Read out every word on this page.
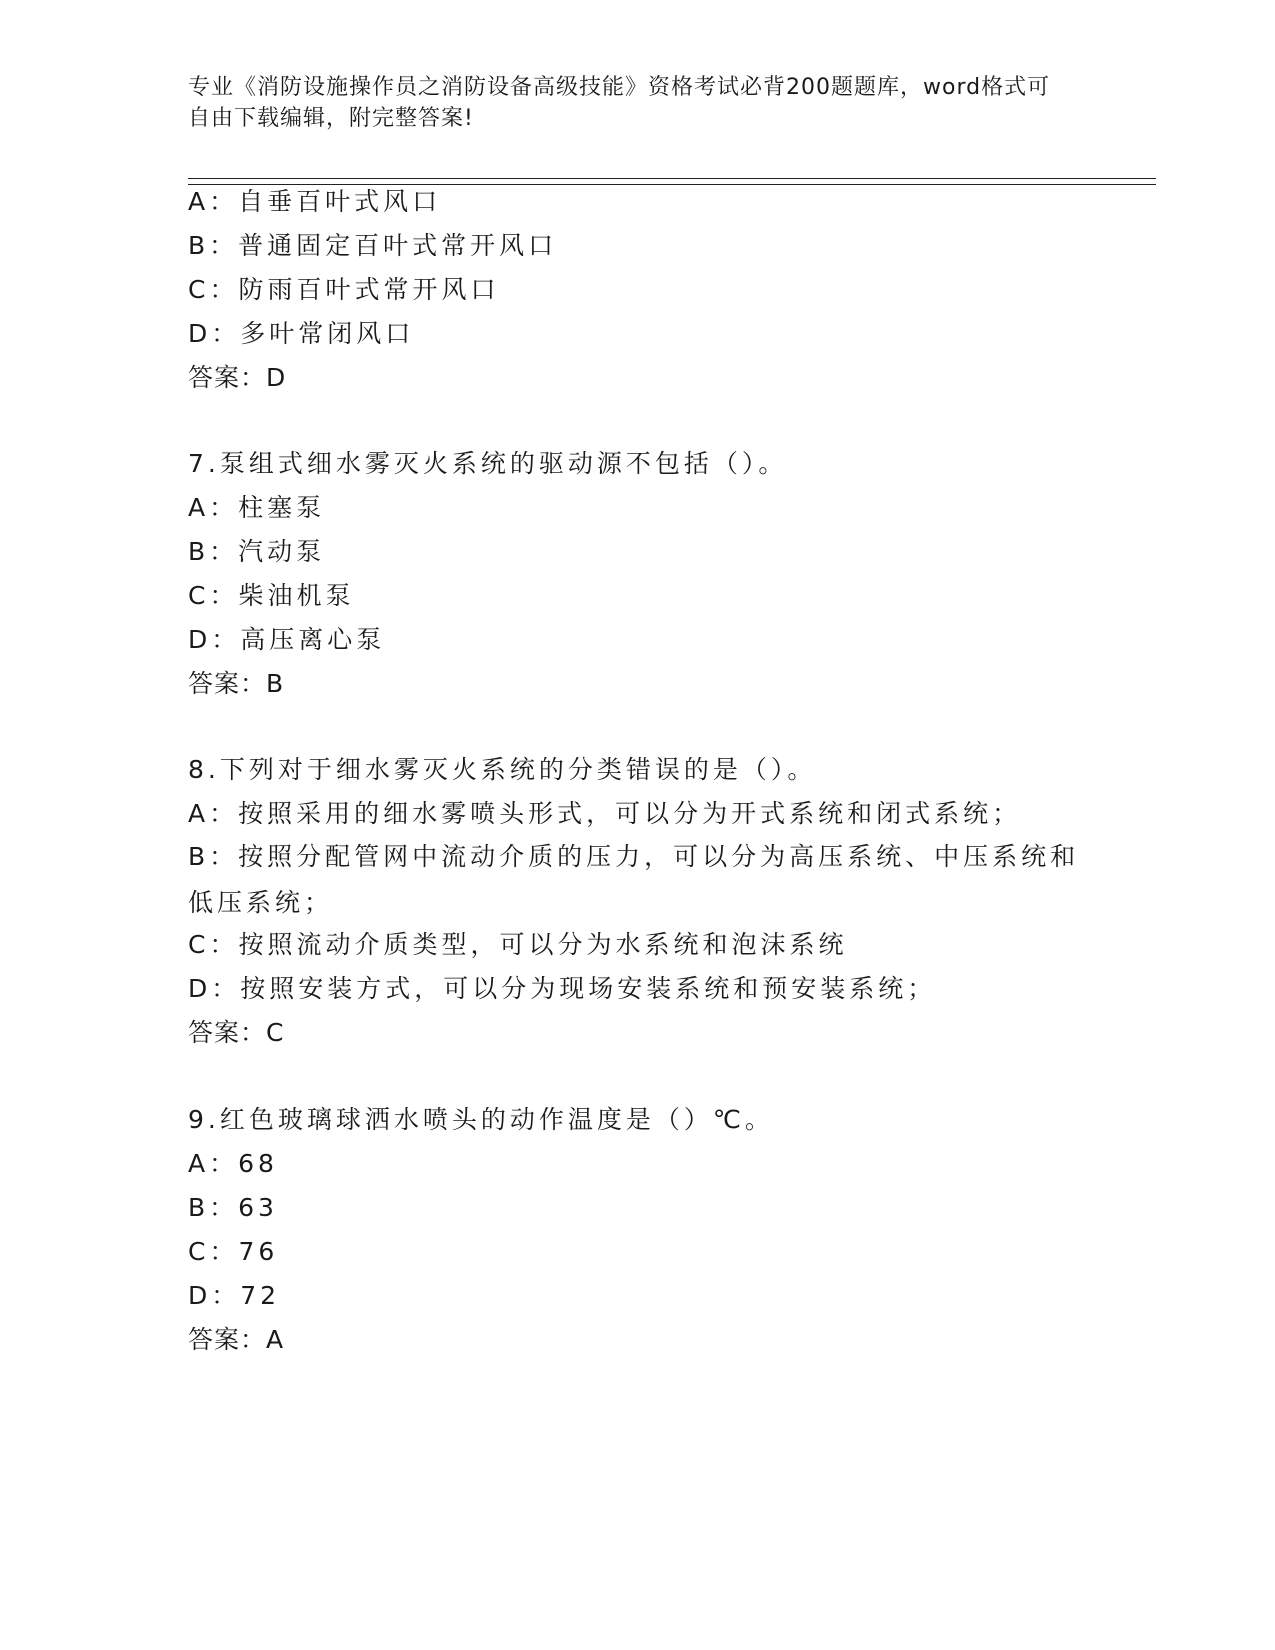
专业《消防设施操作员之消防设备高级技能》资格考试必背200题题库，word格式可自由下载编辑，附完整答案!
A：自垂百叶式风口
B：普通固定百叶式常开风口
C：防雨百叶式常开风口
D：多叶常闭风口
答案：D
7.泵组式细水雾灭火系统的驱动源不包括（）。
A：柱塞泵
B：汽动泵
C：柴油机泵
D：高压离心泵
答案：B
8.下列对于细水雾灭火系统的分类错误的是（）。
A：按照采用的细水雾喷头形式，可以分为开式系统和闭式系统；
B：按照分配管网中流动介质的压力，可以分为高压系统、中压系统和低压系统；
C：按照流动介质类型，可以分为水系统和泡沫系统
D：按照安装方式，可以分为现场安装系统和预安装系统；
答案：C
9.红色玻璃球洒水喷头的动作温度是（）℃。
A：68
B：63
C：76
D：72
答案：A
